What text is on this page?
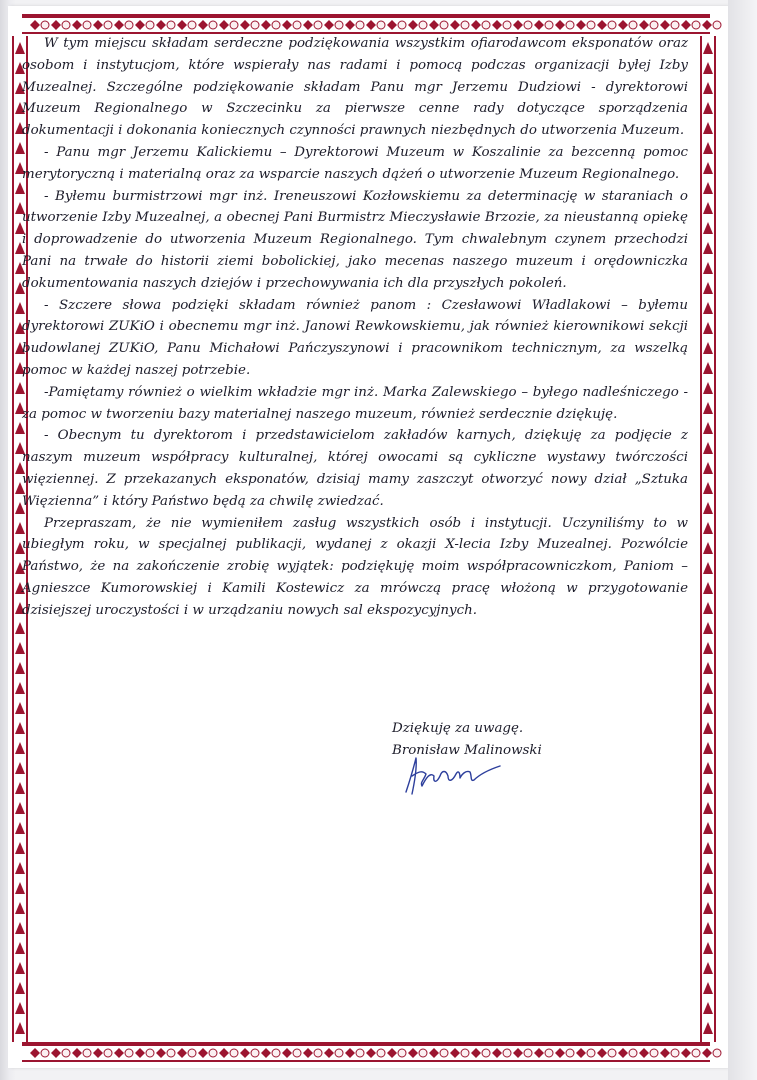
W tym miejscu składam serdeczne podziękowania wszystkim ofiarodawcom eksponatów oraz osobom i instytucjom, które wspierały nas radami i pomocą podczas organizacji byłej Izby Muzealnej. Szczególne podziękowanie składam Panu mgr Jerzemu Dudziowi - dyrektorowi Muzeum Regionalnego w Szczecinku za pierwsze cenne rady dotyczące sporządzenia dokumentacji i dokonania koniecznych czynności prawnych niezbędnych do utworzenia Muzeum.

- Panu mgr Jerzemu Kalickiemu – Dyrektorowi Muzeum w Koszalinie za bezcenną pomoc merytoryczną i materialną oraz za wsparcie naszych dążeń o utworzenie Muzeum Regionalnego.

- Byłemu burmistrzowi mgr inż. Ireneuszowi Kozłowskiemu za determinację w staraniach o utworzenie Izby Muzealnej, a obecnej Pani Burmistrz Mieczysławie Brzozie, za nieustanną opiekę i doprowadzenie do utworzenia Muzeum Regionalnego. Tym chwalebnym czynem przechodzi Pani na trwałe do historii ziemi bobolickiej, jako mecenas naszego muzeum i orędowniczka dokumentowania naszych dziejów i przechowywania ich dla przyszłych pokoleń.

- Szczere słowa podzięki składam również panom : Czesławowi Władlakowi – byłemu dyrektorowi ZUKiO i obecnemu mgr inż. Janowi Rewkowskiemu, jak również kierownikowi sekcji budowlanej ZUKiO, Panu Michałowi Pańczyszynowi i pracownikom technicznym, za wszelką pomoc w każdej naszej potrzebie.

-Pamiętamy również o wielkim wkładzie mgr inż. Marka Zalewskiego – byłego nadleśniczego - za pomoc w tworzeniu bazy materialnej naszego muzeum, również serdecznie dziękuję.

- Obecnym tu dyrektorom i przedstawicielom zakładów karnych, dziękuję za podjęcie z naszym muzeum współpracy kulturalnej, której owocami są cykliczne wystawy twórczości więziennej. Z przekazanych eksponatów, dzisiaj mamy zaszczyt otworzyć nowy dział „Sztuka Więzienna” i który Państwo będą za chwilę zwiedzać.

Przepraszam, że nie wymieniłem zasług wszystkich osób i instytucji. Uczyniliśmy to w ubiegłym roku, w specjalnej publikacji, wydanej z okazji X-lecia Izby Muzealnej. Pozwólcie Państwo, że na zakończenie zrobię wyjątek: podziękuję moim współpracowniczkom, Paniom – Agnieszce Kumorowskiej i Kamili Kostewicz za mrówczą pracę włożoną w przygotowanie dzisiejszej uroczystości i w urządzaniu nowych sal ekspozycyjnych.

Dziękuję za uwagę.
Bronisław Malinowski
